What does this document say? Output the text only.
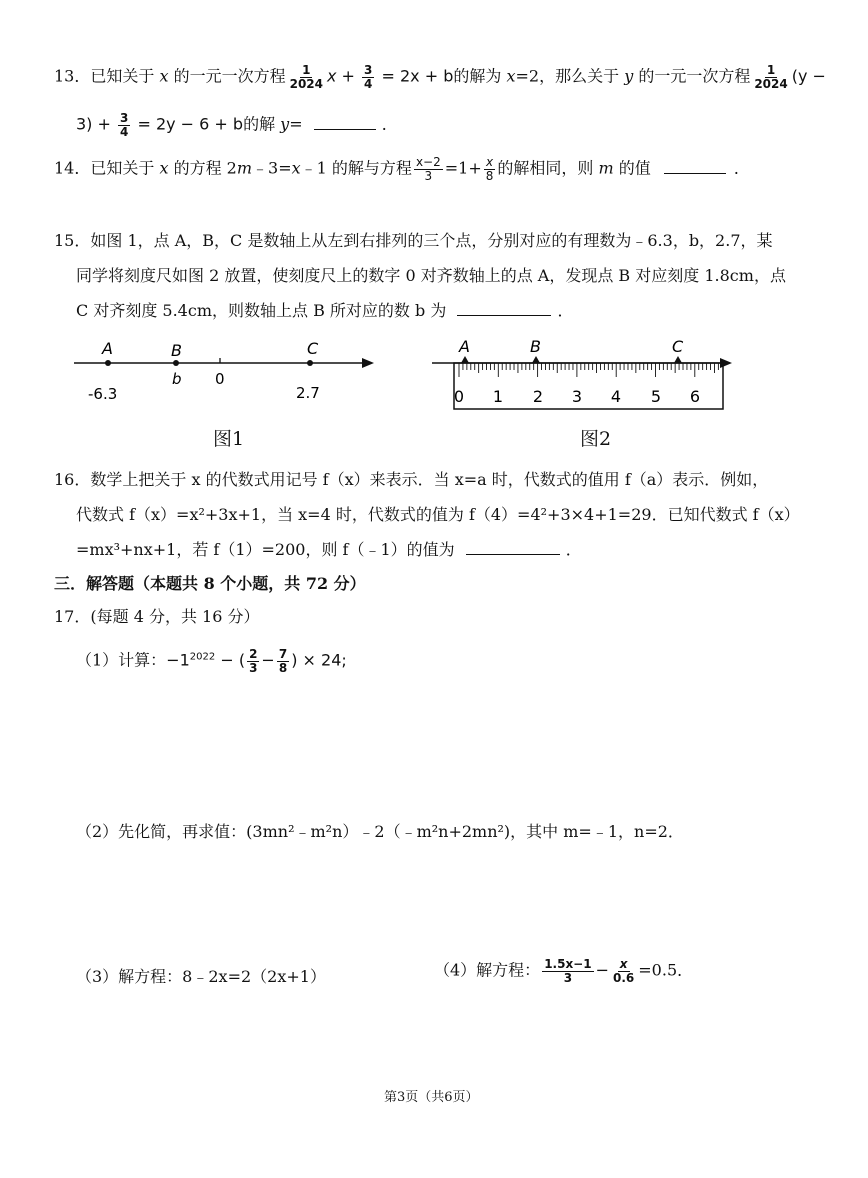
13．已知关于 x 的一元一次方程 $\frac{1}{2024}$ $x + \frac{3}{4} = 2x + b$的解为 x=2，那么关于 y 的一元一次方程 $\frac{1}{2024} (y$ −
$3) + \frac{3}{4} = 2y - 6 + b$的解 y=	．
14．已知关于 x 的方程 2m﹣3=x﹣1 的解与方程 $\frac{x-2}{3} =1+ \frac{x}{8}$ 的解相同，则 m 的值	．
15．如图 1，点 A，B，C 是数轴上从左到右排列的三个点，分别对应的有理数为﹣6.3，b，2.7，某
同学将刻度尺如图 2 放置，使刻度尺上的数字 0 对齐数轴上的点 A，发现点 B 对应刻度 1.8cm，点
C 对齐刻度 5.4cm，则数轴上点 B 所对应的数 b 为	．
A	B	C
-6.3
b 0
2.7
图1
0 1 2 3 4 5 6
A	B	C
图2
16．数学上把关于 x 的代数式用记号 f（x）来表示．当 x=a 时，代数式的值用 f（a）表示．例如，
代数式 f（x）=x²+3x+1，当 x=4 时，代数式的值为 f（4）=4²+3×4+1=29．已知代数式 f（x）
=mx³+nx+1，若 f（1）=200，则 f（﹣1）的值为	．
三．解答题（本题共 8 个小题，共 72 分）
17．(每题 4 分，共 16 分）
（1）计算：$-1^{2022}$ − ( $\frac{2}{3} - \frac{7}{8}$ ) × 24;
（2）先化简，再求值：(3mn²﹣m²n）﹣2（﹣m²n+2mn²)，其中 m=﹣1，n=2．
（3）解方程：8﹣2x=2（2x+1）	（4）解方程： $\frac{1.5x-1}{3} - \frac{x}{0.6} =0.5$．
第3页（共6页）
